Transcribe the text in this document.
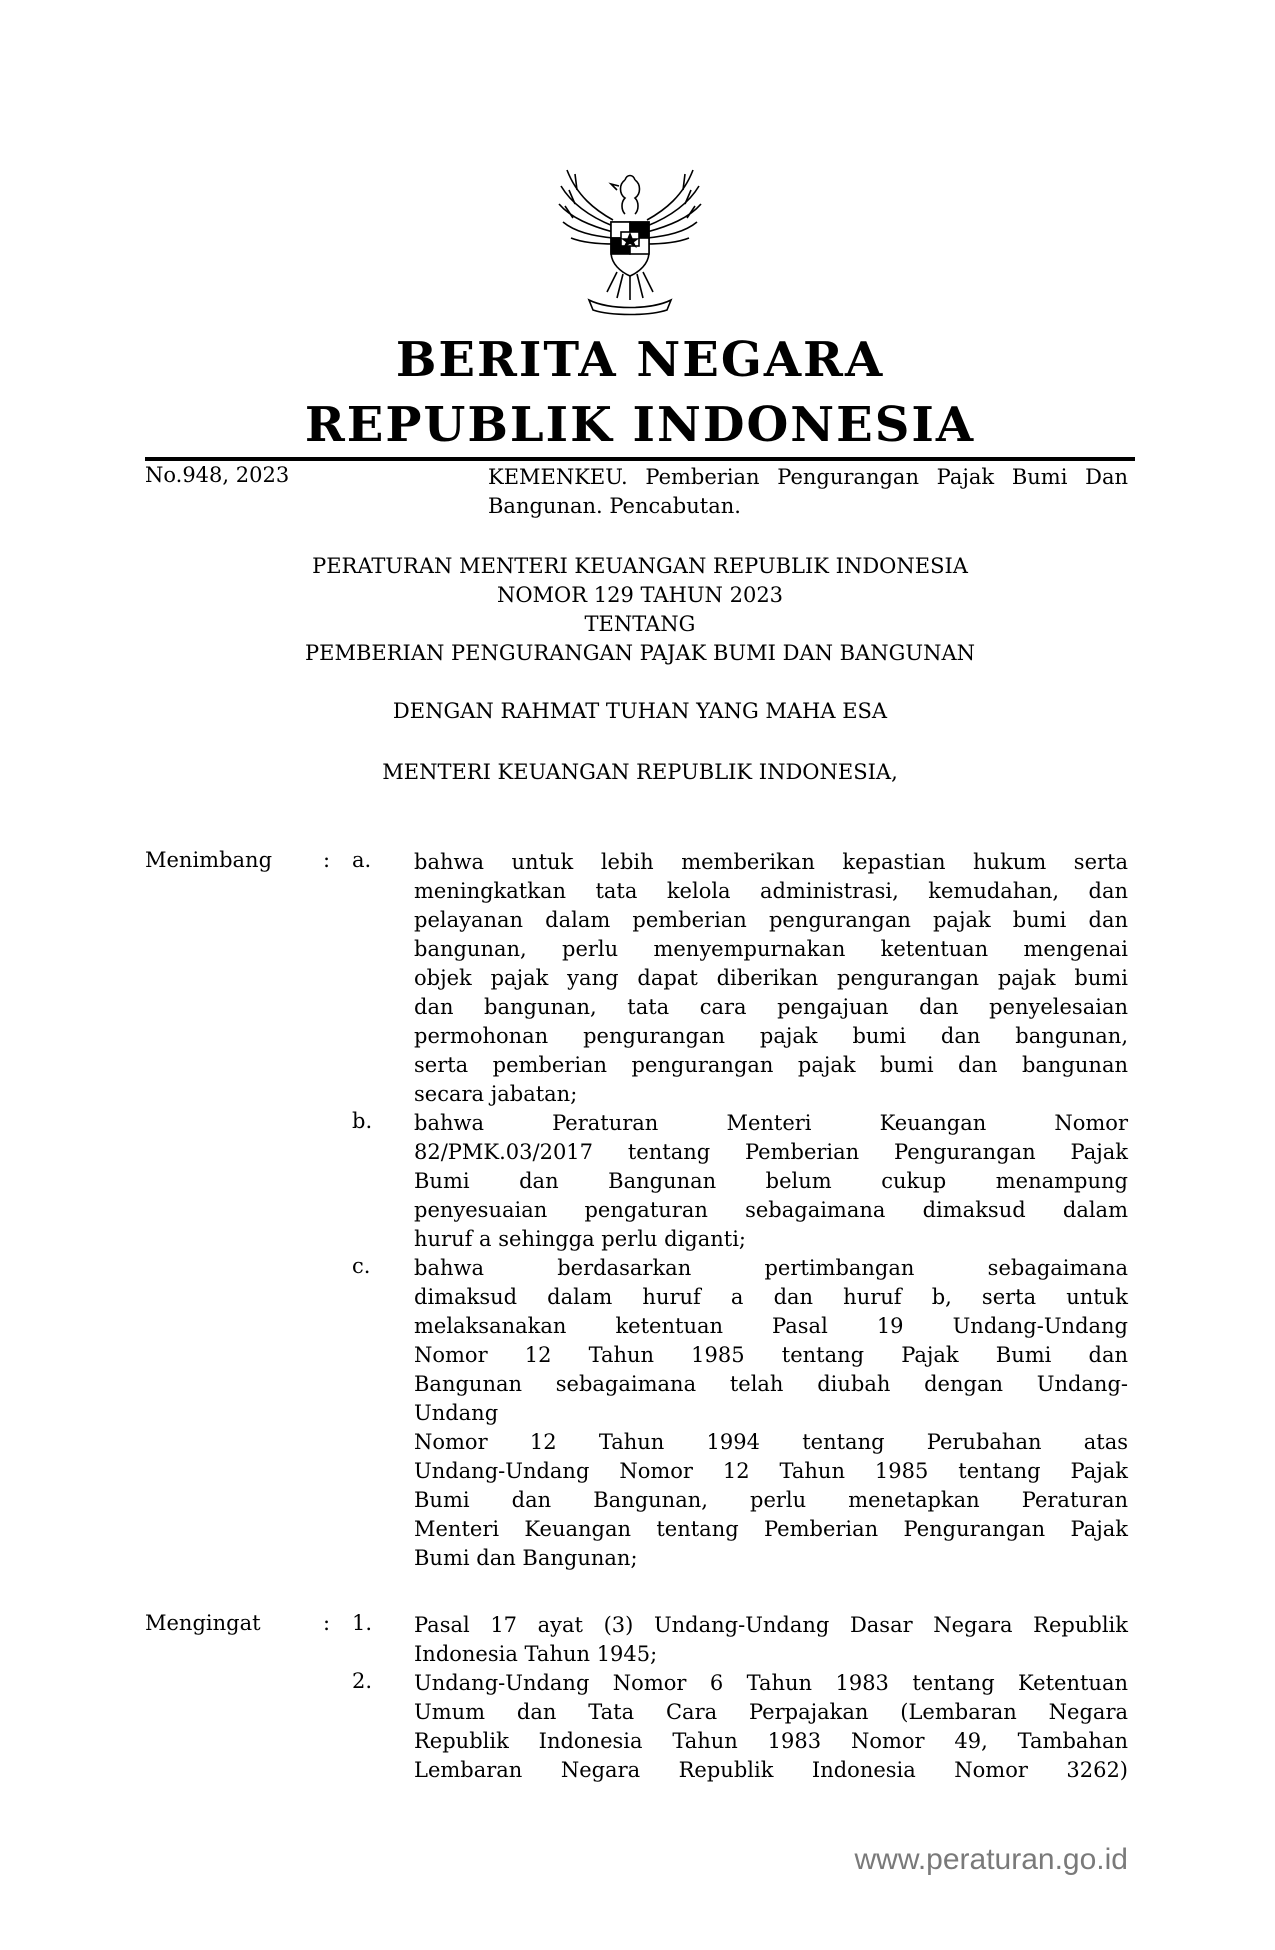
BERITA NEGARA
REPUBLIK INDONESIA
No.948, 2023	KEMENKEU. Pemberian Pengurangan Pajak Bumi Dan Bangunan. Pencabutan.
PERATURAN MENTERI KEUANGAN REPUBLIK INDONESIA
NOMOR 129 TAHUN 2023
TENTANG
PEMBERIAN PENGURANGAN PAJAK BUMI DAN BANGUNAN
DENGAN RAHMAT TUHAN YANG MAHA ESA
MENTERI KEUANGAN REPUBLIK INDONESIA,
Menimbang : a.	bahwa untuk lebih memberikan kepastian hukum serta
meningkatkan tata kelola administrasi, kemudahan, dan
pelayanan dalam pemberian pengurangan pajak bumi dan
bangunan, perlu menyempurnakan ketentuan mengenai
objek pajak yang dapat diberikan pengurangan pajak bumi
dan bangunan, tata cara pengajuan dan penyelesaian
permohonan pengurangan pajak bumi dan bangunan,
serta pemberian pengurangan pajak bumi dan bangunan
secara jabatan;
b.	bahwa Peraturan Menteri Keuangan Nomor
82/PMK.03/2017 tentang Pemberian Pengurangan Pajak
Bumi dan Bangunan belum cukup menampung
penyesuaian pengaturan sebagaimana dimaksud dalam
huruf a sehingga perlu diganti;
c.	bahwa berdasarkan pertimbangan sebagaimana
dimaksud dalam huruf a dan huruf b, serta untuk
melaksanakan ketentuan Pasal 19 Undang-Undang
Nomor 12 Tahun 1985 tentang Pajak Bumi dan
Bangunan sebagaimana telah diubah dengan Undang-
Undang
Nomor 12 Tahun 1994 tentang Perubahan atas
Undang-Undang Nomor 12 Tahun 1985 tentang Pajak
Bumi dan Bangunan, perlu menetapkan Peraturan
Menteri Keuangan tentang Pemberian Pengurangan Pajak
Bumi dan Bangunan;
Mengingat	: 1.	Pasal 17 ayat (3) Undang-Undang Dasar Negara Republik
Indonesia Tahun 1945;
2.	Undang-Undang Nomor 6 Tahun 1983 tentang Ketentuan
Umum dan Tata Cara Perpajakan (Lembaran Negara
Republik Indonesia Tahun 1983 Nomor 49, Tambahan
Lembaran Negara Republik Indonesia Nomor 3262)
www.peraturan.go.id
